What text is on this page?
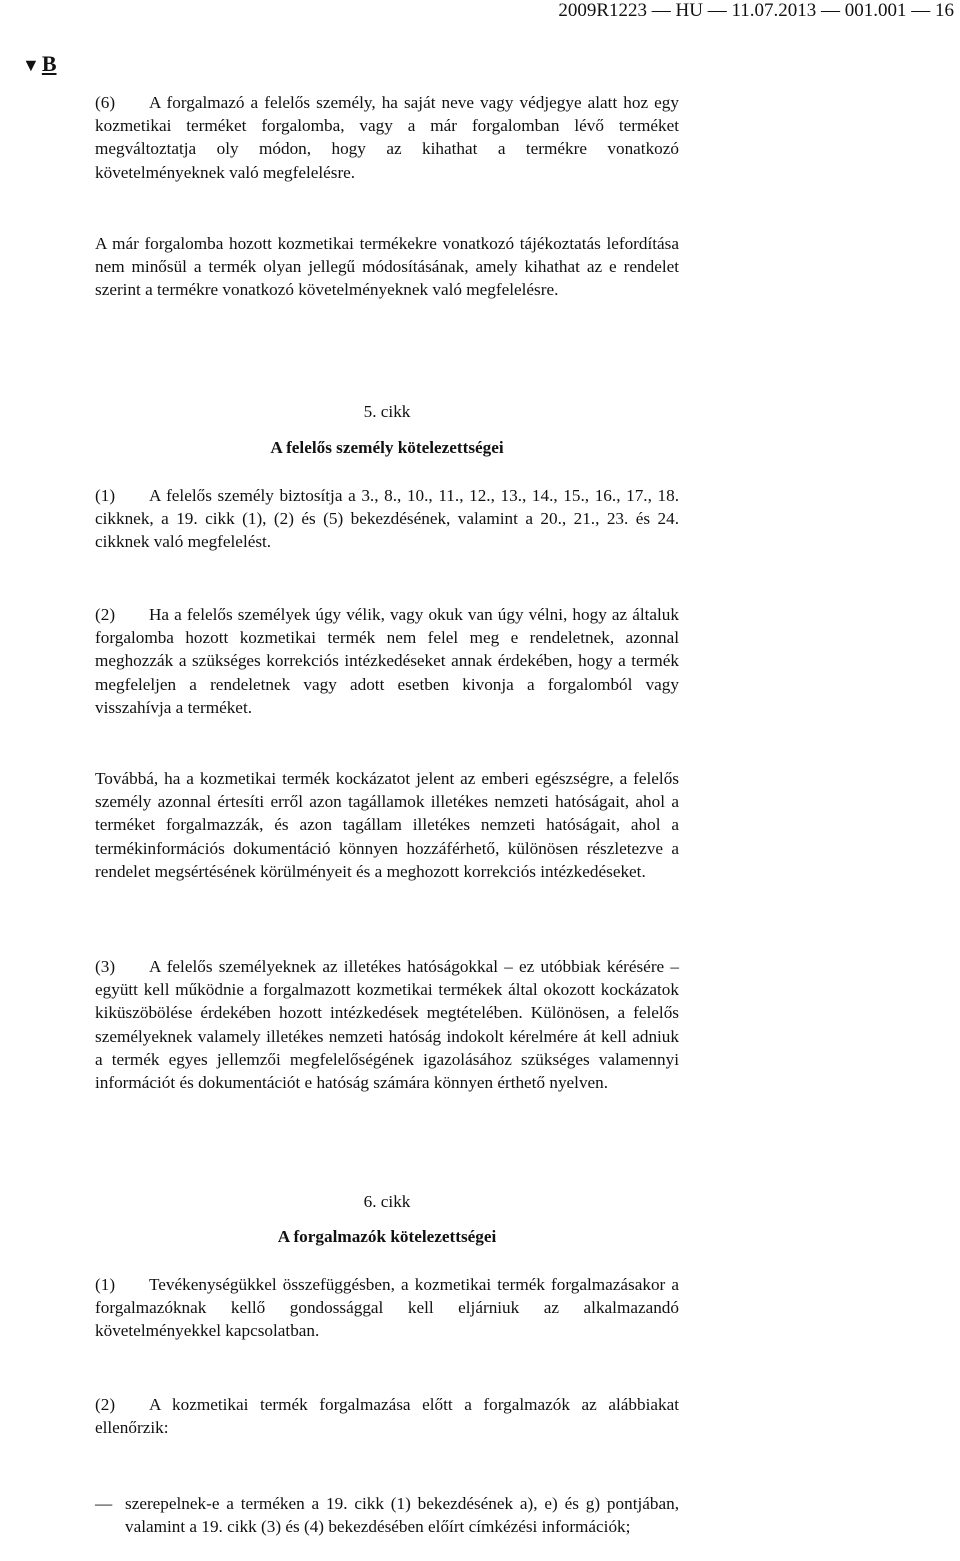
2009R1223 — HU — 11.07.2013 — 001.001 — 16
▼B

(6) A forgalmazó a felelős személy, ha saját neve vagy védjegye alatt hoz egy kozmetikai terméket forgalomba, vagy a már forgalomban lévő terméket megváltoztatja oly módon, hogy az kihathat a termékre vonatkozó követelményeknek való megfelelésre.

A már forgalomba hozott kozmetikai termékekre vonatkozó tájékoztatás lefordítása nem minősül a termék olyan jellegű módosításának, amely kihathat az e rendelet szerint a termékre vonatkozó követelményeknek való megfelelésre.

5. cikk
A felelős személy kötelezettségei

(1) A felelős személy biztosítja a 3., 8., 10., 11., 12., 13., 14., 15., 16., 17., 18. cikknek, a 19. cikk (1), (2) és (5) bekezdésének, valamint a 20., 21., 23. és 24. cikknek való megfelelést.

(2) Ha a felelős személyek úgy vélik, vagy okuk van úgy vélni, hogy az általuk forgalomba hozott kozmetikai termék nem felel meg e rendeletnek, azonnal meghozzák a szükséges korrekciós intézkedéseket annak érdekében, hogy a termék megfeleljen a rendeletnek vagy adott esetben kivonja a forgalomból vagy visszahívja a terméket.

Továbbá, ha a kozmetikai termék kockázatot jelent az emberi egészségre, a felelős személy azonnal értesíti erről azon tagállamok illetékes nemzeti hatóságait, ahol a terméket forgalmazzák, és azon tagállam illetékes nemzeti hatóságait, ahol a termékinformációs dokumentáció könnyen hozzáférhető, különösen részletezve a rendelet megsértésének körülményeit és a meghozott korrekciós intézkedéseket.

(3) A felelős személyeknek az illetékes hatóságokkal – ez utóbbiak kérésére – együtt kell működnie a forgalmazott kozmetikai termékek által okozott kockázatok kiküszöbölése érdekében hozott intézkedések megtételében. Különösen, a felelős személyeknek valamely illetékes nemzeti hatóság indokolt kérelmére át kell adniuk a termék egyes jellemzői megfelelőségének igazolásához szükséges valamennyi információt és dokumentációt e hatóság számára könnyen érthető nyelven.

6. cikk
A forgalmazók kötelezettségei

(1) Tevékenységükkel összefüggésben, a kozmetikai termék forgalmazásakor a forgalmazóknak kellő gondossággal kell eljárniuk az alkalmazandó követelményekkel kapcsolatban.

(2) A kozmetikai termék forgalmazása előtt a forgalmazók az alábbiakat ellenőrzik:

— szerepelnek-e a terméken a 19. cikk (1) bekezdésének a), e) és g) pontjában, valamint a 19. cikk (3) és (4) bekezdésében előírt címkézési információk;
